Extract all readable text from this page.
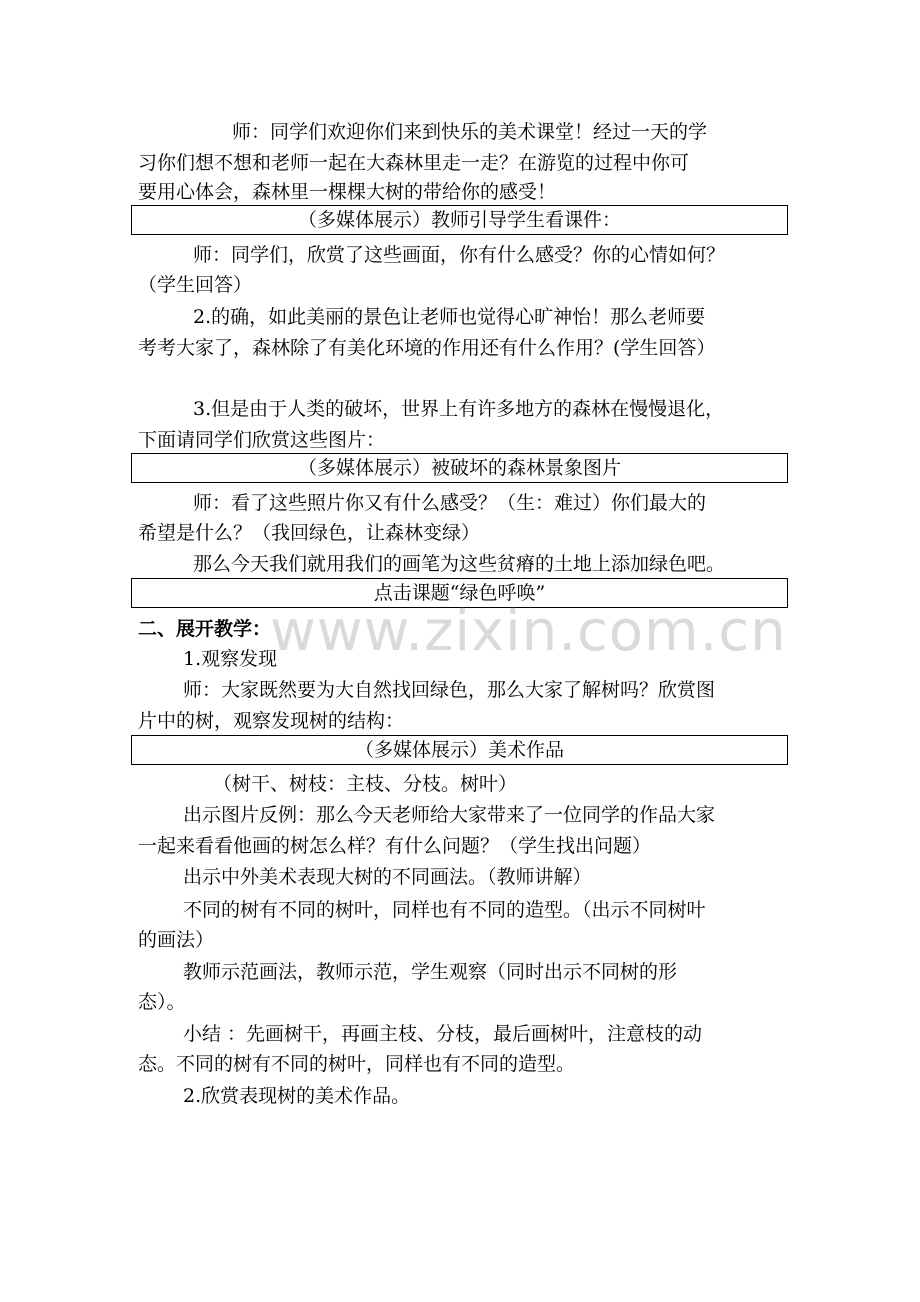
师：同学们欢迎你们来到快乐的美术课堂！经过一天的学
习你们想不想和老师一起在大森林里走一走？在游览的过程中你可
要用心体会，森林里一棵棵大树的带给你的感受！
（多媒体展示）教师引导学生看课件：
师：同学们，欣赏了这些画面，你有什么感受？你的心情如何？
（学生回答）
2.的确，如此美丽的景色让老师也觉得心旷神怡！那么老师要
考考大家了，森林除了有美化环境的作用还有什么作用？(学生回答）
3.但是由于人类的破坏，世界上有许多地方的森林在慢慢退化，
下面请同学们欣赏这些图片：
（多媒体展示）被破坏的森林景象图片
师：看了这些照片你又有什么感受？（生：难过）你们最大的
希望是什么？（我回绿色，让森林变绿）
那么今天我们就用我们的画笔为这些贫瘠的土地上添加绿色吧。
点击课题“绿色呼唤”
www.zixin.com.cn
二、展开教学：
1.观察发现
师：大家既然要为大自然找回绿色，那么大家了解树吗？欣赏图
片中的树，观察发现树的结构：
（多媒体展示）美术作品
（树干、树枝：主枝、分枝。树叶）
出示图片反例：那么今天老师给大家带来了一位同学的作品大家
一起来看看他画的树怎么样？有什么问题？（学生找出问题）
出示中外美术表现大树的不同画法。（教师讲解）
不同的树有不同的树叶，同样也有不同的造型。（出示不同树叶
的画法）
教师示范画法，教师示范，学生观察（同时出示不同树的形
态）。
小结 ：先画树干，再画主枝、分枝，最后画树叶，注意枝的动
态。不同的树有不同的树叶，同样也有不同的造型。
2.欣赏表现树的美术作品。
